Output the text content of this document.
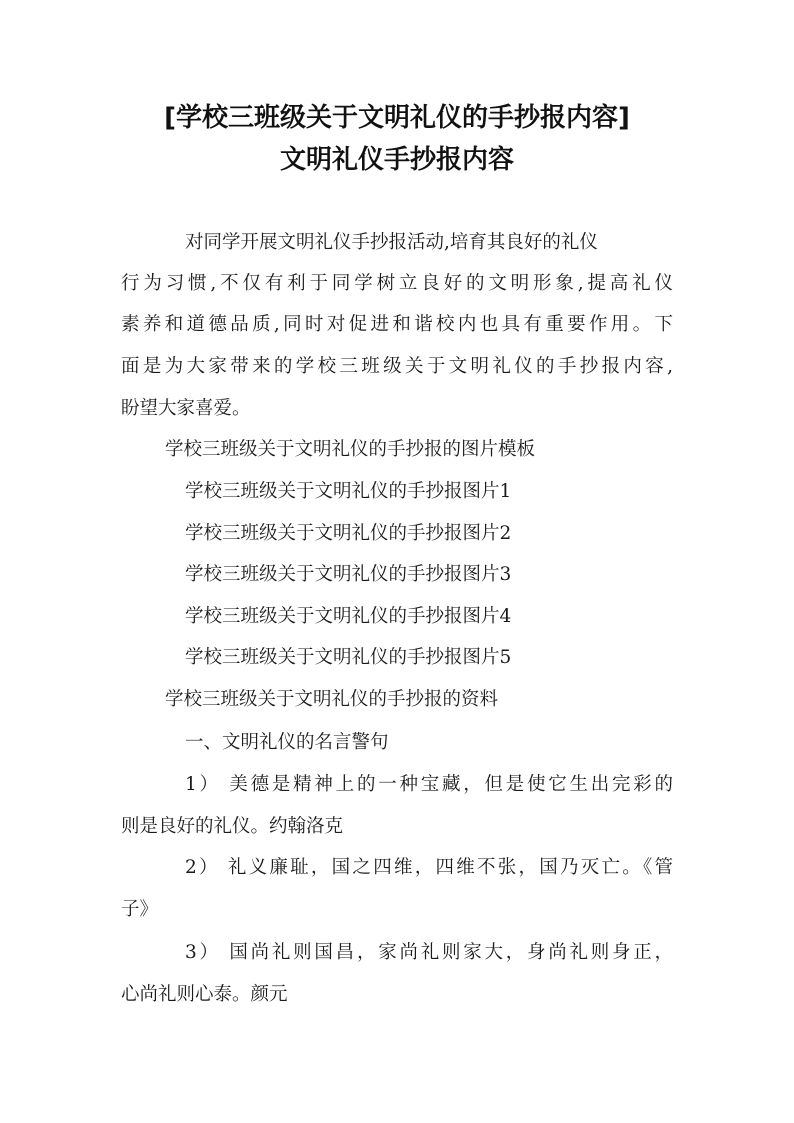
[学校三班级关于文明礼仪的手抄报内容]
文明礼仪手抄报内容
对同学开展文明礼仪手抄报活动,培育其良好的礼仪
行为习惯,不仅有利于同学树立良好的文明形象,提高礼仪
素养和道德品质,同时对促进和谐校内也具有重要作用。下
面是为大家带来的学校三班级关于文明礼仪的手抄报内容,
盼望大家喜爱。
学校三班级关于文明礼仪的手抄报的图片模板
学校三班级关于文明礼仪的手抄报图片1
学校三班级关于文明礼仪的手抄报图片2
学校三班级关于文明礼仪的手抄报图片3
学校三班级关于文明礼仪的手抄报图片4
学校三班级关于文明礼仪的手抄报图片5
学校三班级关于文明礼仪的手抄报的资料
一、文明礼仪的名言警句
1） 美德是精神上的一种宝藏，但是使它生出完彩的
则是良好的礼仪。约翰洛克
2） 礼义廉耻，国之四维，四维不张，国乃灭亡。《管
子》
3） 国尚礼则国昌，家尚礼则家大，身尚礼则身正，
心尚礼则心泰。颜元
